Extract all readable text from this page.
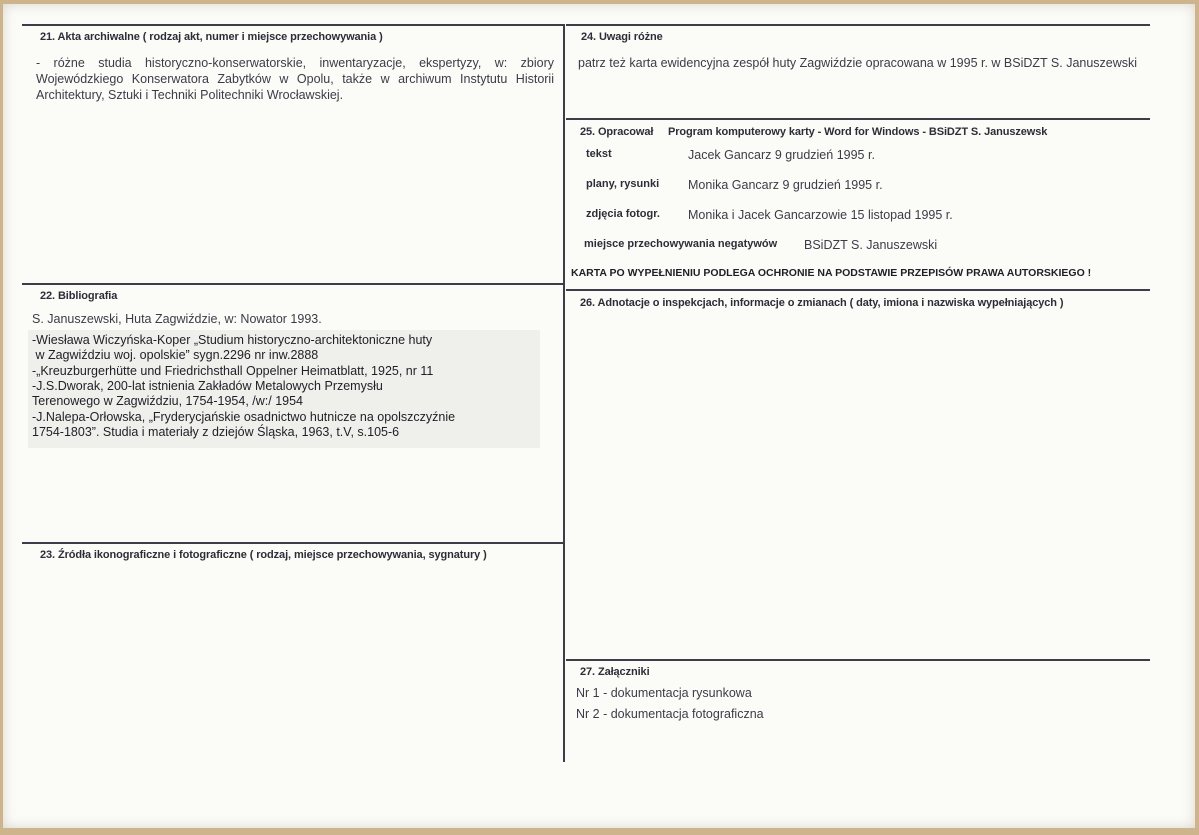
21. Akta archiwalne ( rodzaj akt, numer i miejsce przechowywania )
- różne studia historyczno-konserwatorskie, inwentaryzacje, ekspertyzy, w: zbiory Wojewódzkiego Konserwatora Zabytków w Opolu, także w archiwum Instytutu Historii Architektury, Sztuki i Techniki Politechniki Wrocławskiej.
22. Bibliografia
S. Januszewski, Huta Zagwiździe, w: Nowator 1993.
-Wiesława Wiczyńska-Koper „Studium historyczno-architektoniczne huty
w Zagwiździu woj. opolskie” sygn.2296 nr inw.2888
-„Kreuzburgerhütte und Friedrichsthall Oppelner Heimatblatt, 1925, nr 11
-J.S.Dworak, 200-lat istnienia Zakładów Metalowych Przemysłu
Terenowego w Zagwiździu, 1754-1954, /w:/ 1954
-J.Nalepa-Orłowska, „Fryderycjańskie osadnictwo hutnicze na opolszczyźnie
1754-1803”. Studia i materiały z dziejów Śląska, 1963, t.V, s.105-6
23. Źródła ikonograficzne i fotograficzne ( rodzaj, miejsce przechowywania, sygnatury )
24. Uwagi różne
patrz też karta ewidencyjna zespół huty Zagwiździe opracowana w 1995 r. w BSiDZT S. Januszewski
25. Opracował Program komputerowy karty - Word for Windows - BSiDZT S. Januszewsk
tekst	Jacek Gancarz 9 grudzień 1995 r.
plany, rysunki Monika Gancarz 9 grudzień 1995 r.
zdjęcia fotogr. Monika i Jacek Gancarzowie 15 listopad 1995 r.
miejsce przechowywania negatywów BSiDZT S. Januszewski
KARTA PO WYPEŁNIENIU PODLEGA OCHRONIE NA PODSTAWIE PRZEPISÓW PRAWA AUTORSKIEGO !
26. Adnotacje o inspekcjach, informacje o zmianach ( daty, imiona i nazwiska wypełniających )
27. Załączniki
Nr 1 - dokumentacja rysunkowa
Nr 2 - dokumentacja fotograficzna
